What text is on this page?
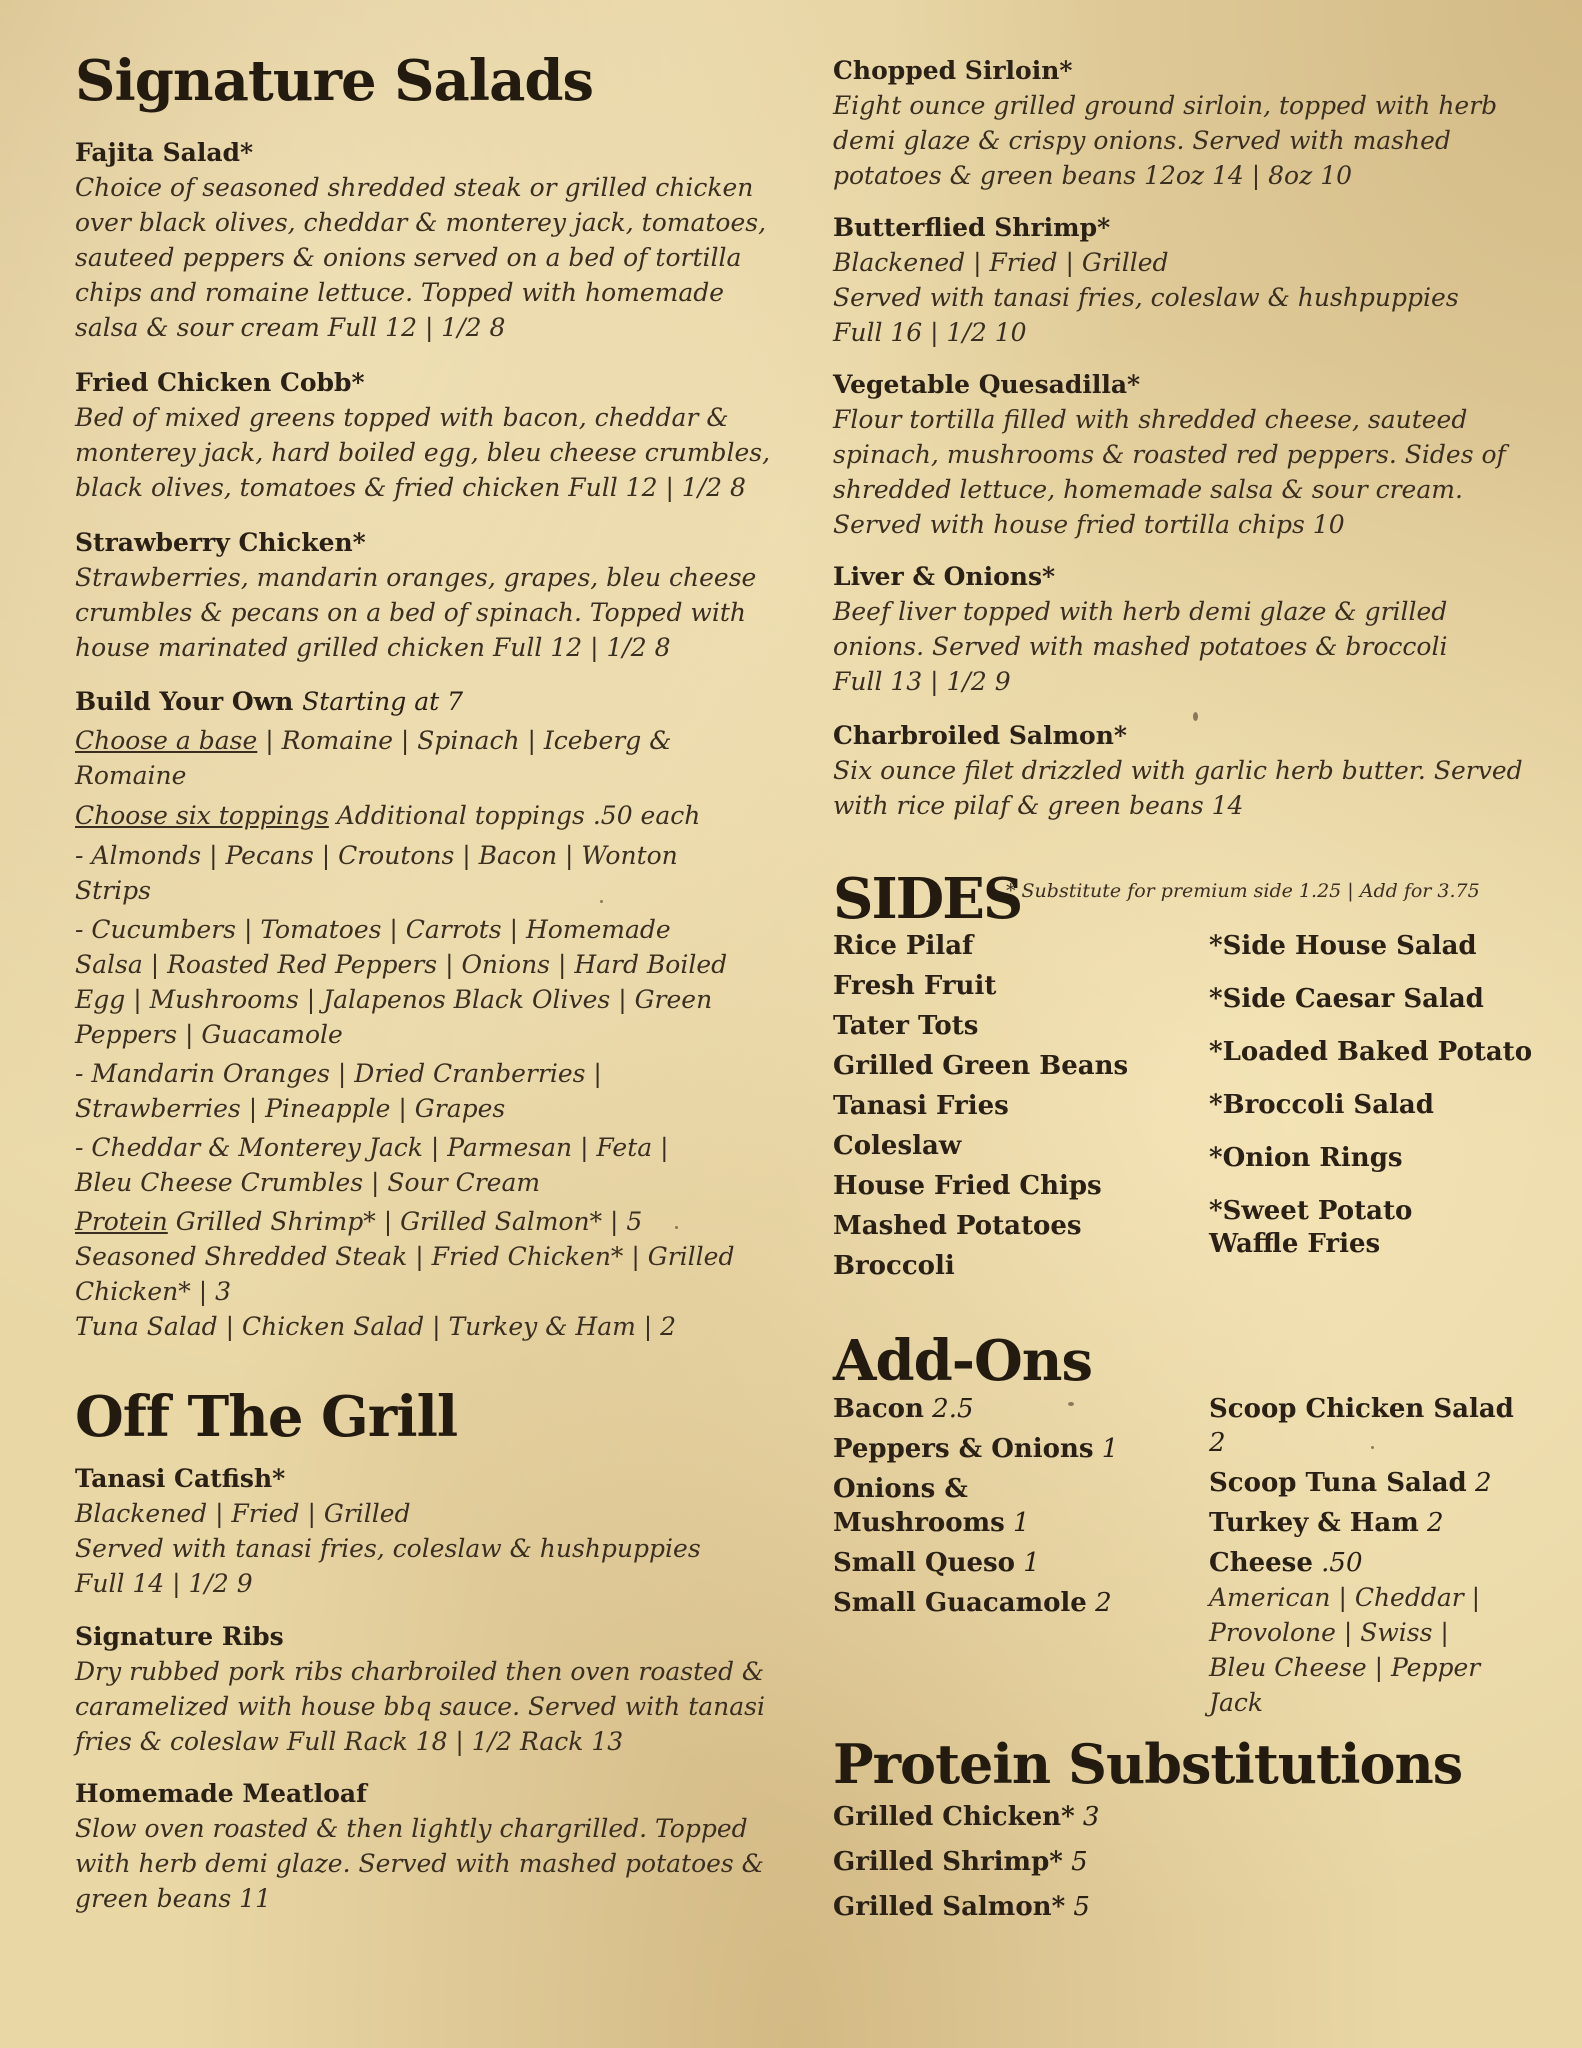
Signature Salads
Fajita Salad*
Choice of seasoned shredded steak or grilled chicken
over black olives, cheddar & monterey jack, tomatoes,
sauteed peppers & onions served on a bed of tortilla
chips and romaine lettuce. Topped with homemade
salsa & sour cream Full 12 | 1/2 8
Fried Chicken Cobb*
Bed of mixed greens topped with bacon, cheddar &
monterey jack, hard boiled egg, bleu cheese crumbles,
black olives, tomatoes & fried chicken Full 12 | 1/2 8
Strawberry Chicken*
Strawberries, mandarin oranges, grapes, bleu cheese
crumbles & pecans on a bed of spinach. Topped with
house marinated grilled chicken Full 12 | 1/2 8
Build Your Own Starting at 7
Choose a base | Romaine | Spinach | Iceberg &
Romaine
Choose six toppings Additional toppings .50 each
- Almonds | Pecans | Croutons | Bacon | Wonton
Strips
- Cucumbers | Tomatoes | Carrots | Homemade
Salsa | Roasted Red Peppers | Onions | Hard Boiled
Egg | Mushrooms | Jalapenos Black Olives | Green
Peppers | Guacamole
- Mandarin Oranges | Dried Cranberries |
Strawberries | Pineapple | Grapes
- Cheddar & Monterey Jack | Parmesan | Feta |
Bleu Cheese Crumbles | Sour Cream
Protein Grilled Shrimp* | Grilled Salmon* | 5
Seasoned Shredded Steak | Fried Chicken* | Grilled
Chicken* | 3
Tuna Salad | Chicken Salad | Turkey & Ham | 2
Off The Grill
Tanasi Catfish*
Blackened | Fried | Grilled
Served with tanasi fries, coleslaw & hushpuppies
Full 14 | 1/2 9
Signature Ribs
Dry rubbed pork ribs charbroiled then oven roasted &
caramelized with house bbq sauce. Served with tanasi
fries & coleslaw Full Rack 18 | 1/2 Rack 13
Homemade Meatloaf
Slow oven roasted & then lightly chargrilled. Topped
with herb demi glaze. Served with mashed potatoes &
green beans 11
Chopped Sirloin*
Eight ounce grilled ground sirloin, topped with herb
demi glaze & crispy onions. Served with mashed
potatoes & green beans 12oz 14 | 8oz 10
Butterflied Shrimp*
Blackened | Fried | Grilled
Served with tanasi fries, coleslaw & hushpuppies
Full 16 | 1/2 10
Vegetable Quesadilla*
Flour tortilla filled with shredded cheese, sauteed
spinach, mushrooms & roasted red peppers. Sides of
shredded lettuce, homemade salsa & sour cream.
Served with house fried tortilla chips 10
Liver & Onions*
Beef liver topped with herb demi glaze & grilled
onions. Served with mashed potatoes & broccoli
Full 13 | 1/2 9
Charbroiled Salmon*
Six ounce filet drizzled with garlic herb butter. Served
with rice pilaf & green beans 14
SIDES
* Substitute for premium side 1.25 | Add for 3.75
Rice Pilaf
Fresh Fruit
Tater Tots
Grilled Green Beans
Tanasi Fries
Coleslaw
House Fried Chips
Mashed Potatoes
Broccoli
*Side House Salad
*Side Caesar Salad
*Loaded Baked Potato
*Broccoli Salad
*Onion Rings
*Sweet Potato
Waffle Fries
Add-Ons
Bacon 2.5
Peppers & Onions 1
Onions &
Mushrooms 1
Small Queso 1
Small Guacamole 2
Scoop Chicken Salad
2
Scoop Tuna Salad 2
Turkey & Ham 2
Cheese .50
American | Cheddar |
Provolone | Swiss |
Bleu Cheese | Pepper
Jack
Protein Substitutions
Grilled Chicken* 3
Grilled Shrimp* 5
Grilled Salmon* 5
